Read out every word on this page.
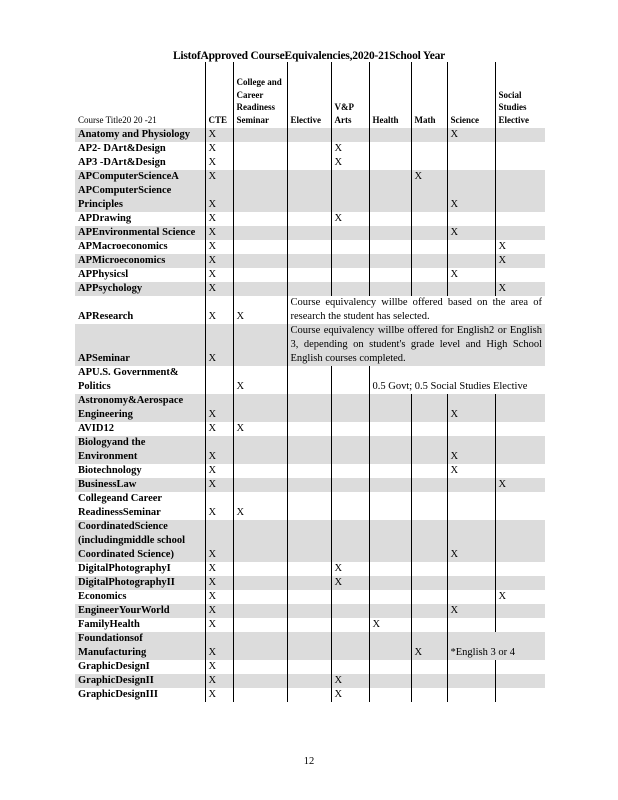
ListofApproved CourseEquivalencies,2020-21School Year
Course Title20 20 -21	CTE	College and Career Readiness Seminar	Elective	V&P Arts	Health	Math	Science	Social Studies Elective
Anatomy and Physiology	X						X	
AP2- DArt&Design	X			X				
AP3 -DArt&Design	X			X				
APComputerScienceA	X					X		
APComputerScience Principles	X						X	
APDrawing	X			X				
APEnvironmental Science	X						X	
APMacroeconomics	X							X
APMicroeconomics	X							X
APPhysicsl	X						X	
APPsychology	X							X
APResearch	X	X	Course equivalency willbe offered based on the area of research the student has selected.					
APSeminar	X		Course equivalency willbe offered for English2 or English 3, depending on student's grade level and High School English courses completed.					
APU.S. Government& Politics		X			0.5 Govt; 0.5 Social Studies Elective			
Astronomy&Aerospace Engineering	X						X	
AVID12	X	X						
Biologyand the Environment	X						X	
Biotechnology	X						X	
BusinessLaw	X							X
Collegeand Career ReadinessSeminar	X	X						
CoordinatedScience (includingmiddle school Coordinated Science)	X						X	
DigitalPhotographyI	X			X				
DigitalPhotographyII	X			X				
Economics	X							X
EngineerYourWorld	X						X	
FamilyHealth	X				X			
Foundationsof Manufacturing	X					X	*English 3 or 4	
GraphicDesignI	X							
GraphicDesignII	X			X				
GraphicDesignIII	X			X				
12
